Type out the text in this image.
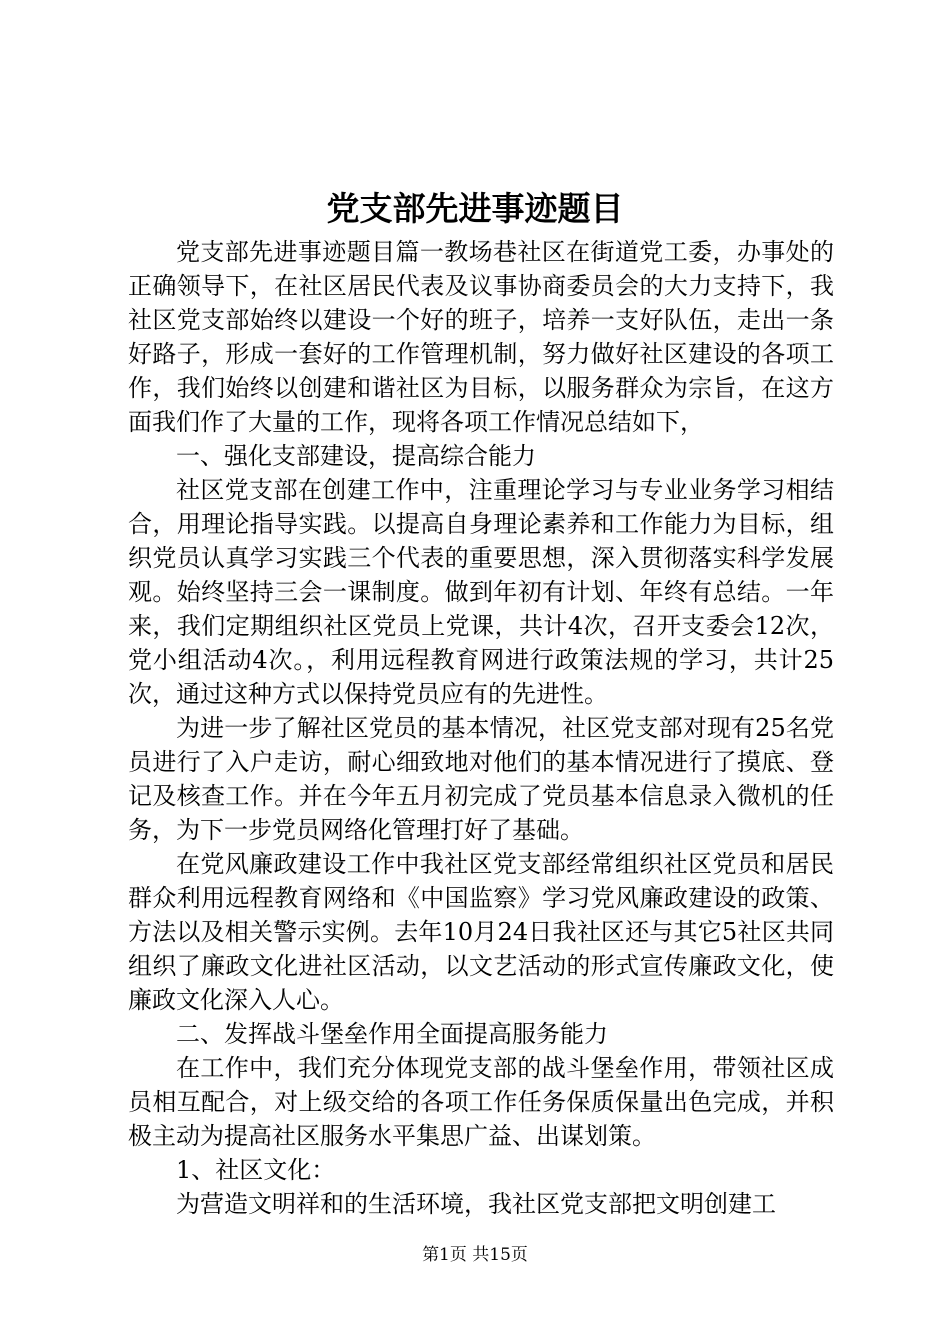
党支部先进事迹题目

党支部先进事迹题目篇一教场巷社区在街道党工委，办事处的正确领导下，在社区居民代表及议事协商委员会的大力支持下，我社区党支部始终以建设一个好的班子，培养一支好队伍，走出一条好路子，形成一套好的工作管理机制，努力做好社区建设的各项工作，我们始终以创建和谐社区为目标，以服务群众为宗旨，在这方面我们作了大量的工作，现将各项工作情况总结如下，

一、强化支部建设，提高综合能力

社区党支部在创建工作中，注重理论学习与专业业务学习相结合，用理论指导实践。以提高自身理论素养和工作能力为目标，组织党员认真学习实践三个代表的重要思想，深入贯彻落实科学发展观。始终坚持三会一课制度。做到年初有计划、年终有总结。一年来，我们定期组织社区党员上党课，共计4次，召开支委会12次，党小组活动4次。，利用远程教育网进行政策法规的学习，共计25次，通过这种方式以保持党员应有的先进性。

为进一步了解社区党员的基本情况，社区党支部对现有25名党员进行了入户走访，耐心细致地对他们的基本情况进行了摸底、登记及核查工作。并在今年五月初完成了党员基本信息录入微机的任务，为下一步党员网络化管理打好了基础。

在党风廉政建设工作中我社区党支部经常组织社区党员和居民群众利用远程教育网络和《中国监察》学习党风廉政建设的政策、方法以及相关警示实例。去年10月24日我社区还与其它5社区共同组织了廉政文化进社区活动，以文艺活动的形式宣传廉政文化，使廉政文化深入人心。

二、发挥战斗堡垒作用全面提高服务能力

在工作中，我们充分体现党支部的战斗堡垒作用，带领社区成员相互配合，对上级交给的各项工作任务保质保量出色完成，并积极主动为提高社区服务水平集思广益、出谋划策。

1、社区文化：

为营造文明祥和的生活环境，我社区党支部把文明创建工

第1页 共15页
